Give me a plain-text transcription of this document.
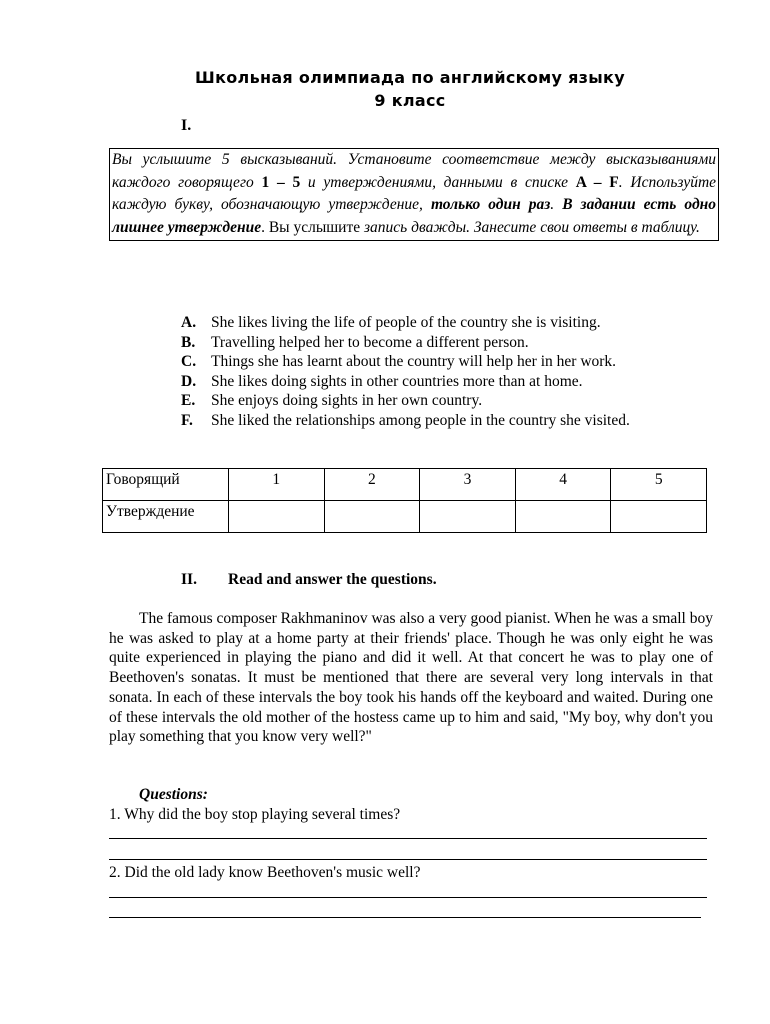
Школьная олимпиада по английскому языку
9 класс
I.
Вы услышите 5 высказываний. Установите соответствие между высказываниями каждого говорящего 1 – 5 и утверждениями, данными в списке A – F. Используйте каждую букву, обозначающую утверждение, только один раз. В задании есть одно лишнее утверждение. Вы услышите запись дважды. Занесите свои ответы в таблицу.
A. She likes living the life of people of the country she is visiting.
B. Travelling helped her to become a different person.
C. Things she has learnt about the country will help her in her work.
D. She likes doing sights in other countries more than at home.
E. She enjoys doing sights in her own country.
F. She liked the relationships among people in the country she visited.
Говорящий	1	2	3	4	5
Утверждение					
II. Read and answer the questions.
The famous composer Rakhmaninov was also a very good pianist. When he was a small boy he was asked to play at a home party at their friends' place. Though he was only eight he was quite experienced in playing the piano and did it well. At that concert he was to play one of Beethoven's sonatas. It must be mentioned that there are several very long intervals in that sonata. In each of these intervals the boy took his hands off the keyboard and waited. During one of these intervals the old mother of the hostess came up to him and said, "My boy, why don't you play something that you know very well?"
Questions:
1. Why did the boy stop playing several times?
2. Did the old lady know Beethoven's music well?
